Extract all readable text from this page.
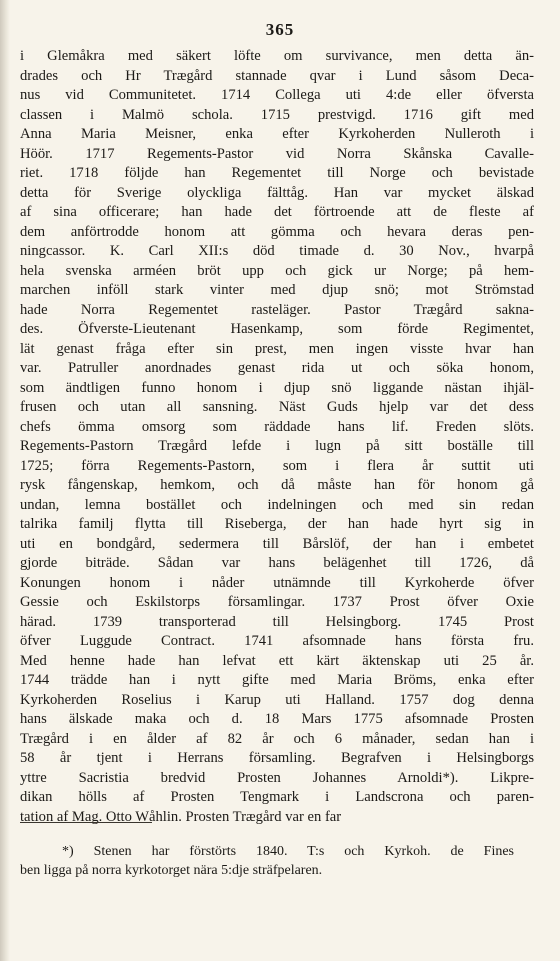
365
i Glemåkra med säkert löfte om survivance, men detta än-
drades och Hr Trægård stannade qvar i Lund såsom Deca-
nus vid Communitetet. 1714 Collega uti 4:de eller öfversta
classen i Malmö schola. 1715 prestvigd. 1716 gift med
Anna Maria Meisner, enka efter Kyrkoherden Nulleroth i
Höör. 1717 Regements-Pastor vid Norra Skånska Cavalle-
riet. 1718 följde han Regementet till Norge och bevistade
detta för Sverige olyckliga fälttåg. Han var mycket älskad
af sina officerare; han hade det förtroende att de fleste af
dem anförtrodde honom att gömma och hevara deras pen-
ningcassor. K. Carl XII:s död timade d. 30 Nov., hvarpå
hela svenska arméen bröt upp och gick ur Norge; på hem-
marchen inföll stark vinter med djup snö; mot Strömstad
hade Norra Regementet rasteläger. Pastor Trægård sakna-
des. Öfverste-Lieutenant Hasenkamp, som förde Regimentet,
lät genast fråga efter sin prest, men ingen visste hvar han
var. Patruller anordnades genast rida ut och söka honom,
som ändtligen funno honom i djup snö liggande nästan ihjäl-
frusen och utan all sansning. Näst Guds hjelp var det dess
chefs ömma omsorg som räddade hans lif. Freden slöts.
Regements-Pastorn Trægård lefde i lugn på sitt boställe till
1725; förra Regements-Pastorn, som i flera år suttit uti
rysk fångenskap, hemkom, och då måste han för honom gå
undan, lemna bostället och indelningen och med sin redan
talrika familj flytta till Riseberga, der han hade hyrt sig in
uti en bondgård, sedermera till Bårslöf, der han i embetet
gjorde biträde. Sådan var hans belägenhet till 1726, då
Konungen honom i nåder utnämnde till Kyrkoherde öfver
Gessie och Eskilstorps församlingar. 1737 Prost öfver Oxie
härad. 1739 transporterad till Helsingborg. 1745 Prost
öfver Luggude Contract. 1741 afsomnade hans första fru.
Med henne hade han lefvat ett kärt äktenskap uti 25 år.
1744 trädde han i nytt gifte med Maria Bröms, enka efter
Kyrkoherden Roselius i Karup uti Halland. 1757 dog denna
hans älskade maka och d. 18 Mars 1775 afsomnade Prosten
Trægård i en ålder af 82 år och 6 månader, sedan han i
58 år tjent i Herrans församling. Begrafven i Helsingborgs
yttre Sacristia bredvid Prosten Johannes Arnoldi*). Likpre-
dikan hölls af Prosten Tengmark i Landscrona och paren-
tation af Mag. Otto Wåhlin. Prosten Trægård var en far
*) Stenen har förstörts 1840. T:s och Kyrkoh. de Fines
ben ligga på norra kyrkotorget nära 5:dje sträfpelaren.
